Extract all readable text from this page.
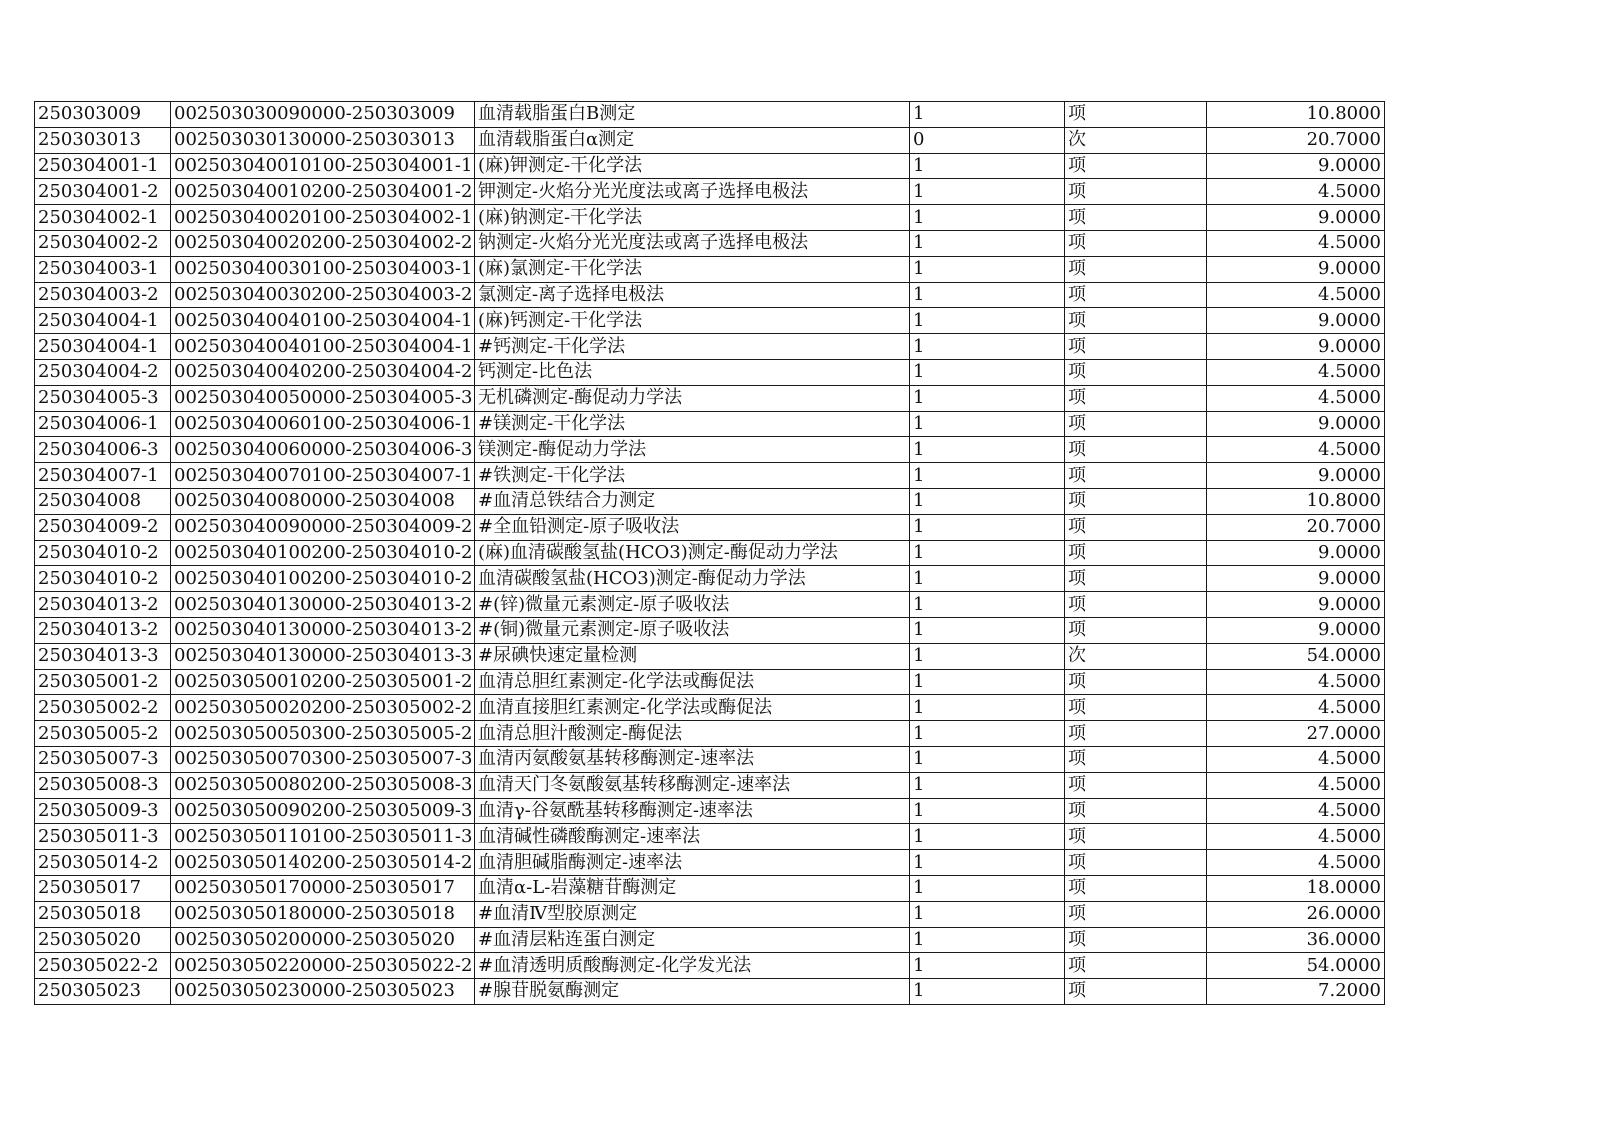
250303009	002503030090000-250303009	血清载脂蛋白B测定	1	项	10.8000
250303013	002503030130000-250303013	血清载脂蛋白α测定	0	次	20.7000
250304001-1	002503040010100-250304001-1	(麻)钾测定-干化学法	1	项	9.0000
250304001-2	002503040010200-250304001-2	钾测定-火焰分光光度法或离子选择电极法	1	项	4.5000
250304002-1	002503040020100-250304002-1	(麻)钠测定-干化学法	1	项	9.0000
250304002-2	002503040020200-250304002-2	钠测定-火焰分光光度法或离子选择电极法	1	项	4.5000
250304003-1	002503040030100-250304003-1	(麻)氯测定-干化学法	1	项	9.0000
250304003-2	002503040030200-250304003-2	氯测定-离子选择电极法	1	项	4.5000
250304004-1	002503040040100-250304004-1	(麻)钙测定-干化学法	1	项	9.0000
250304004-1	002503040040100-250304004-1	#钙测定-干化学法	1	项	9.0000
250304004-2	002503040040200-250304004-2	钙测定-比色法	1	项	4.5000
250304005-3	002503040050000-250304005-3	无机磷测定-酶促动力学法	1	项	4.5000
250304006-1	002503040060100-250304006-1	#镁测定-干化学法	1	项	9.0000
250304006-3	002503040060000-250304006-3	镁测定-酶促动力学法	1	项	4.5000
250304007-1	002503040070100-250304007-1	#铁测定-干化学法	1	项	9.0000
250304008	002503040080000-250304008	#血清总铁结合力测定	1	项	10.8000
250304009-2	002503040090000-250304009-2	#全血铅测定-原子吸收法	1	项	20.7000
250304010-2	002503040100200-250304010-2	(麻)血清碳酸氢盐(HCO3)测定-酶促动力学法	1	项	9.0000
250304010-2	002503040100200-250304010-2	血清碳酸氢盐(HCO3)测定-酶促动力学法	1	项	9.0000
250304013-2	002503040130000-250304013-2	#(锌)微量元素测定-原子吸收法	1	项	9.0000
250304013-2	002503040130000-250304013-2	#(铜)微量元素测定-原子吸收法	1	项	9.0000
250304013-3	002503040130000-250304013-3	#尿碘快速定量检测	1	次	54.0000
250305001-2	002503050010200-250305001-2	血清总胆红素测定-化学法或酶促法	1	项	4.5000
250305002-2	002503050020200-250305002-2	血清直接胆红素测定-化学法或酶促法	1	项	4.5000
250305005-2	002503050050300-250305005-2	血清总胆汁酸测定-酶促法	1	项	27.0000
250305007-3	002503050070300-250305007-3	血清丙氨酸氨基转移酶测定-速率法	1	项	4.5000
250305008-3	002503050080200-250305008-3	血清天门冬氨酸氨基转移酶测定-速率法	1	项	4.5000
250305009-3	002503050090200-250305009-3	血清γ-谷氨酰基转移酶测定-速率法	1	项	4.5000
250305011-3	002503050110100-250305011-3	血清碱性磷酸酶测定-速率法	1	项	4.5000
250305014-2	002503050140200-250305014-2	血清胆碱脂酶测定-速率法	1	项	4.5000
250305017	002503050170000-250305017	血清α-L-岩藻糖苷酶测定	1	项	18.0000
250305018	002503050180000-250305018	#血清Ⅳ型胶原测定	1	项	26.0000
250305020	002503050200000-250305020	#血清层粘连蛋白测定	1	项	36.0000
250305022-2	002503050220000-250305022-2	#血清透明质酸酶测定-化学发光法	1	项	54.0000
250305023	002503050230000-250305023	#腺苷脱氨酶测定	1	项	7.2000
